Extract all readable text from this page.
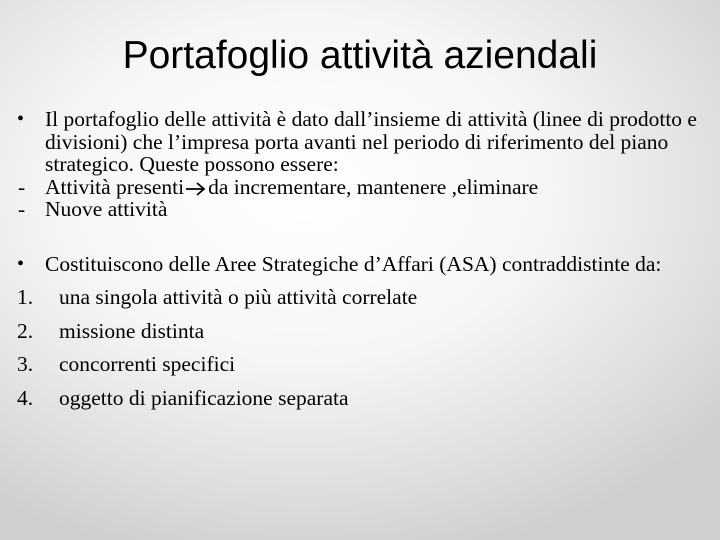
Portafoglio attività aziendali
• Il portafoglio delle attività è dato dall’insieme di attività (linee di prodotto e divisioni) che l’impresa porta avanti nel periodo di riferimento del piano strategico. Queste possono essere:
- Attività presenti da incrementare, mantenere ,eliminare
- Nuove attività
• Costituiscono delle Aree Strategiche d’Affari (ASA) contraddistinte da:
1. una singola attività o più attività correlate
2. missione distinta
3. concorrenti specifici
4. oggetto di pianificazione separata
